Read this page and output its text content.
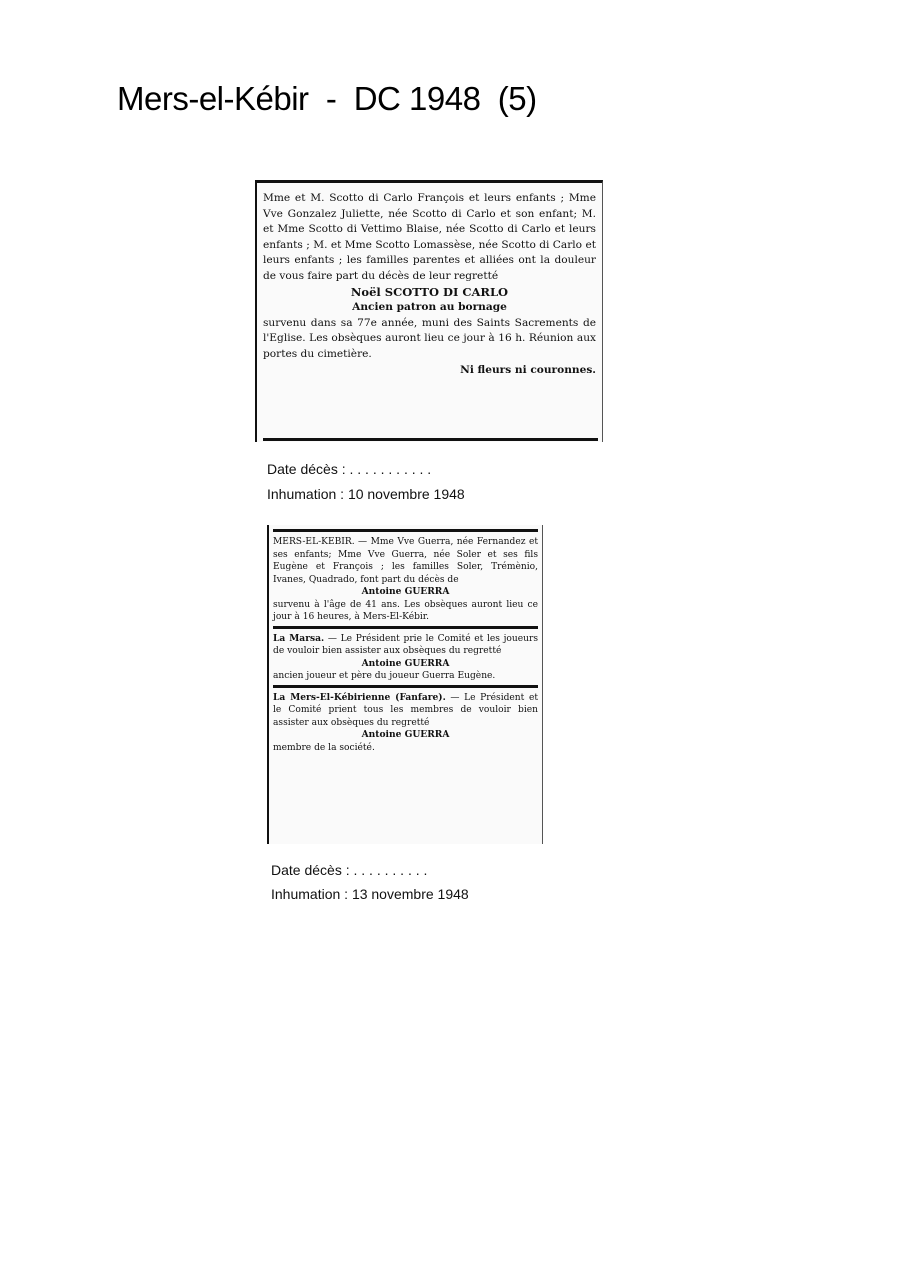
Mers-el-Kébir  -  DC 1948  (5)

Mme et M. Scotto di Carlo François et leurs enfants ; Mme Vve Gonzalez Juliette, née Scotto di Carlo et son enfant; M. et Mme Scotto di Vettimo Blaise, née Scotto di Carlo et leurs enfants ; M. et Mme Scotto Lomassèse, née Scotto di Carlo et leurs enfants ; les familles parentes et alliées ont la douleur de vous faire part du décès de leur regretté

Noël SCOTTO DI CARLO

Ancien patron au bornage

survenu dans sa 77e année, muni des Saints Sacrements de l'Eglise. Les obsèques auront lieu ce jour à 16 h. Réunion aux portes du cimetière.

Ni fleurs ni couronnes.

Date décès : . . . . . . . . . . .
Inhumation : 10 novembre 1948

MERS-EL-KEBIR. — Mme Vve Guerra, née Fernandez et ses enfants; Mme Vve Guerra, née Soler et ses fils Eugène et François ; les familles Soler, Trémènio, Ivanes, Quadrado, font part du décès de

Antoine GUERRA

survenu à l'âge de 41 ans. Les obsèques auront lieu ce jour à 16 heures, à Mers-El-Kébir.

La Marsa. — Le Président prie le Comité et les joueurs de vouloir bien assister aux obsèques du regretté

Antoine GUERRA

ancien joueur et père du joueur Guerra Eugène.

La Mers-El-Kébirienne (Fanfare). — Le Président et le Comité prient tous les membres de vouloir bien assister aux obsèques du regretté

Antoine GUERRA

membre de la société.

Date décès : . . . . . . . . . .
Inhumation : 13 novembre 1948
